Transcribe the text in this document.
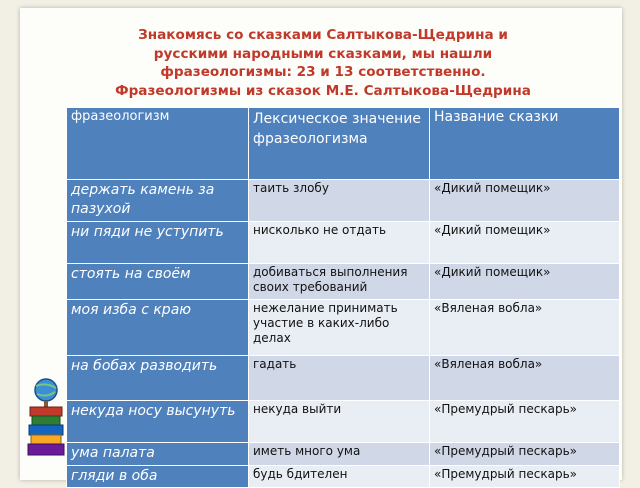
Знакомясь со сказками Салтыкова-Щедрина и
русскими народными сказками, мы нашли
фразеологизмы: 23 и 13 соответственно.
Фразеологизмы из сказок М.Е. Салтыкова-Щедрина
фразеологизм	Лексическое значение фразеологизма	Название сказки
держать камень за пазухой	таить злобу	«Дикий помещик»
ни пяди не уступить	нисколько не отдать	«Дикий помещик»
стоять на своём	добиваться выполнения своих требований	«Дикий помещик»
моя изба с краю	нежелание принимать участие в каких-либо делах	«Вяленая вобла»
на бобах разводить	гадать	«Вяленая вобла»
некуда носу высунуть	некуда выйти	«Премудрый пескарь»
ума палата	иметь много ума	«Премудрый пескарь»
гляди в оба	будь бдителен	«Премудрый пескарь»
